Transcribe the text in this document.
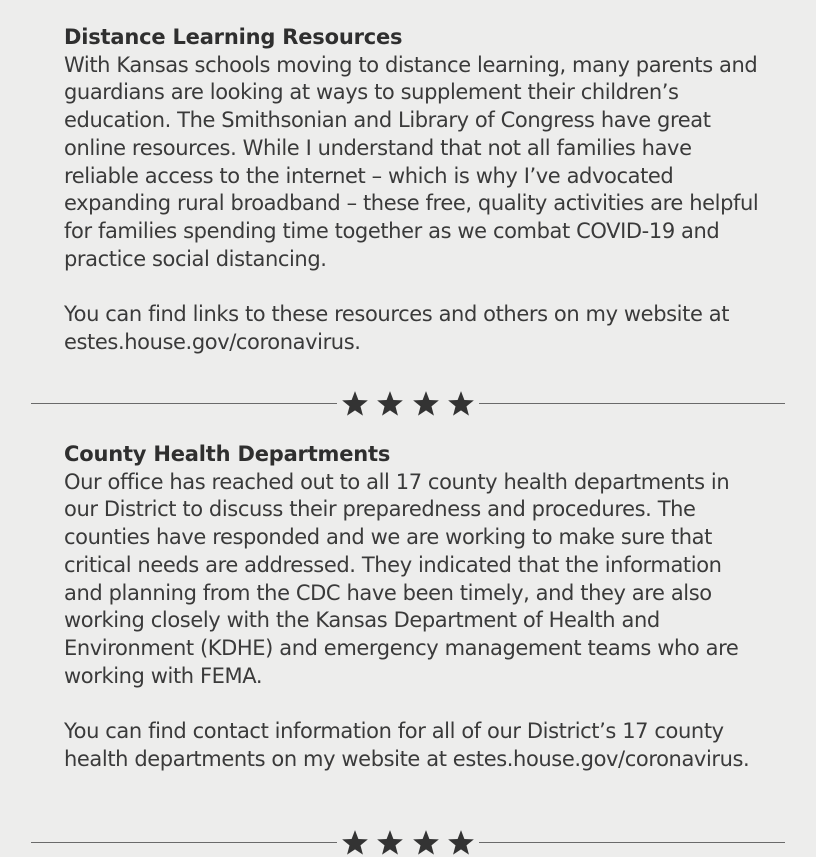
Distance Learning Resources

With Kansas schools moving to distance learning, many parents and guardians are looking at ways to supplement their children’s education. The Smithsonian and Library of Congress have great online resources. While I understand that not all families have reliable access to the internet – which is why I’ve advocated expanding rural broadband – these free, quality activities are helpful for families spending time together as we combat COVID-19 and practice social distancing.

You can find links to these resources and others on my website at estes.house.gov/coronavirus.

County Health Departments

Our office has reached out to all 17 county health departments in our District to discuss their preparedness and procedures. The counties have responded and we are working to make sure that critical needs are addressed. They indicated that the information and planning from the CDC have been timely, and they are also working closely with the Kansas Department of Health and Environment (KDHE) and emergency management teams who are working with FEMA.

You can find contact information for all of our District’s 17 county health departments on my website at estes.house.gov/coronavirus.
